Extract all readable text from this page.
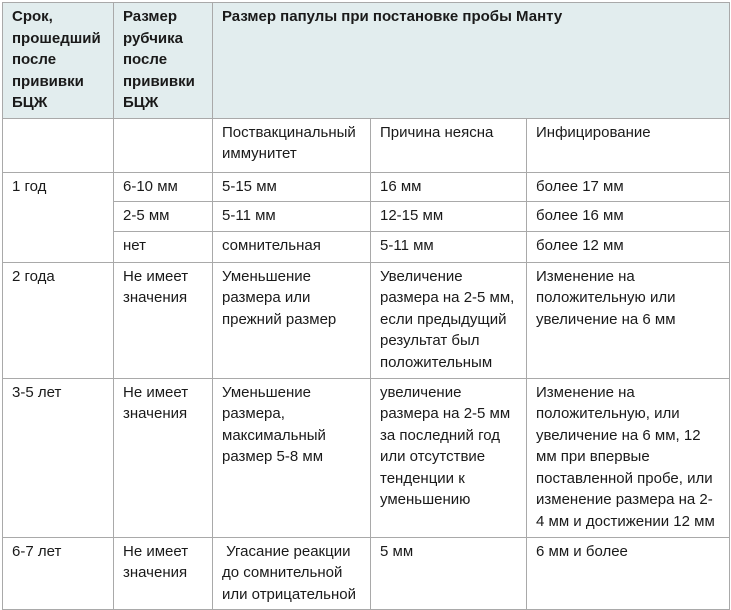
Срок, прошедший после прививки БЦЖ	Размер рубчика после прививки БЦЖ	Размер папулы при постановке пробы Манту		
		Поствакцинальный иммунитет	Причина неясна	Инфицирование
1 год	6-10 мм	5-15 мм	16 мм	более 17 мм
	2-5 мм	5-11 мм	12-15 мм	более 16 мм
	нет	сомнительная	5-11 мм	более 12 мм
2 года	Не имеет значения	Уменьшение размера или прежний размер	Увеличение размера на 2-5 мм, если предыдущий результат был положительным	Изменение на положительную или увеличение на 6 мм
3-5 лет	Не имеет значения	Уменьшение размера, максимальный размер 5-8 мм	увеличение размера на 2-5 мм за последний год или отсутствие тенденции к уменьшению	Изменение на положительную, или увеличение на 6 мм, 12 мм при впервые поставленной пробе, или изменение размера на 2-4 мм и достижении 12 мм
6-7 лет	Не имеет значения	Угасание реакции до сомнительной или отрицательной	5 мм	6 мм и более
